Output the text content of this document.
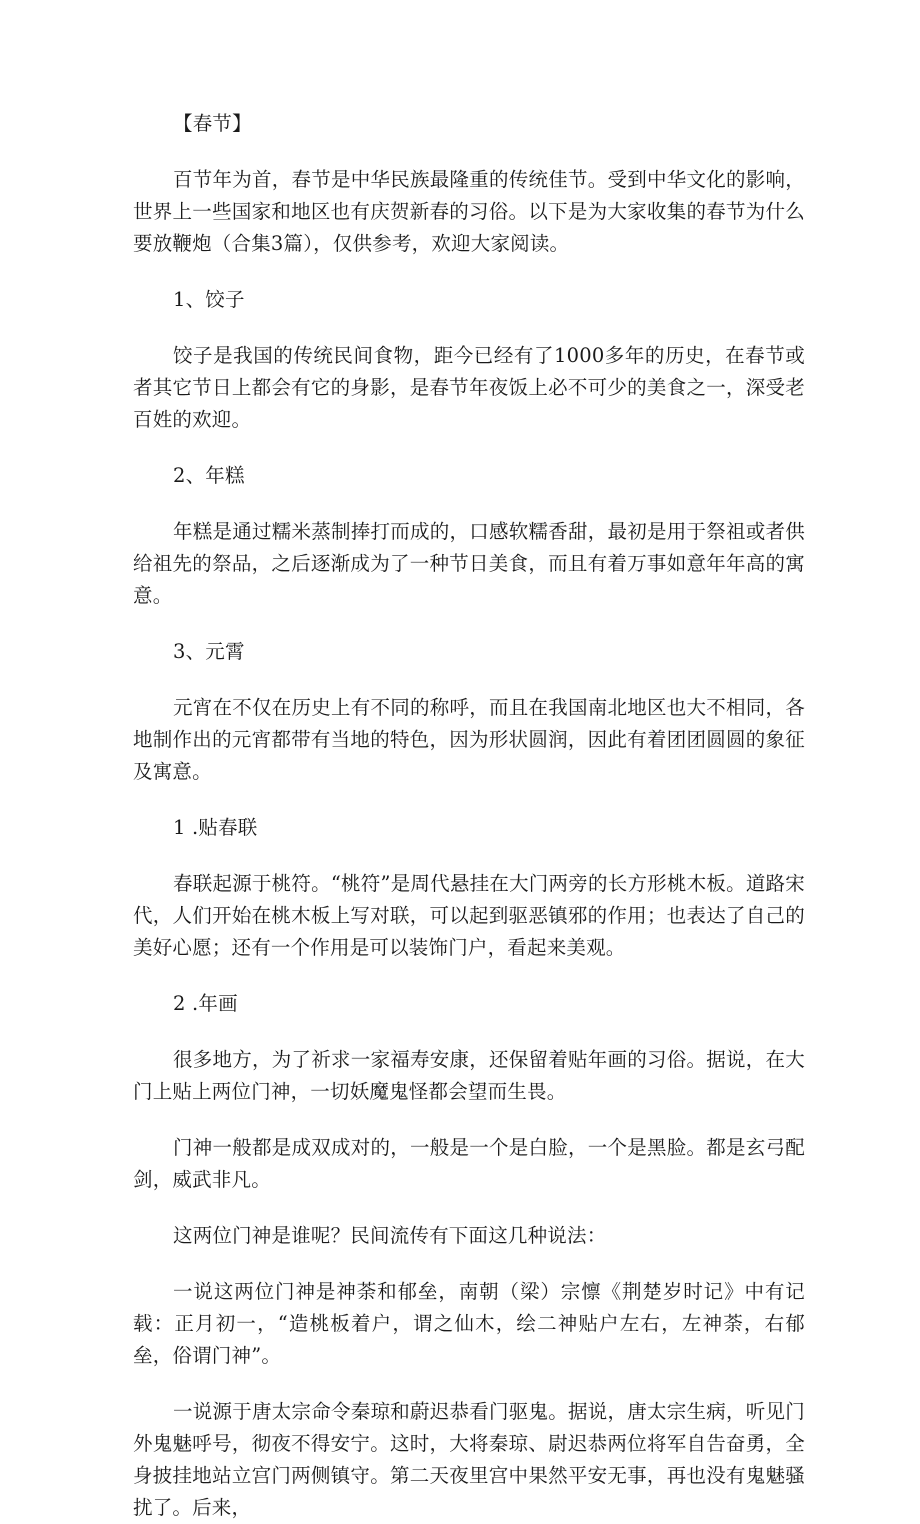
【春节】

百节年为首，春节是中华民族最隆重的传统佳节。受到中华文化的影响，世界上一些国家和地区也有庆贺新春的习俗。以下是为大家收集的春节为什么要放鞭炮（合集3篇），仅供参考，欢迎大家阅读。

1、饺子

饺子是我国的传统民间食物，距今已经有了1000多年的历史，在春节或者其它节日上都会有它的身影，是春节年夜饭上必不可少的美食之一，深受老百姓的欢迎。

2、年糕

年糕是通过糯米蒸制捧打而成的，口感软糯香甜，最初是用于祭祖或者供给祖先的祭品，之后逐渐成为了一种节日美食，而且有着万事如意年年高的寓意。

3、元霄

元宵在不仅在历史上有不同的称呼，而且在我国南北地区也大不相同，各地制作出的元宵都带有当地的特色，因为形状圆润，因此有着团团圆圆的象征及寓意。

1 .贴春联

春联起源于桃符。“桃符”是周代悬挂在大门两旁的长方形桃木板。道路宋代，人们开始在桃木板上写对联，可以起到驱恶镇邪的作用；也表达了自己的美好心愿；还有一个作用是可以装饰门户，看起来美观。

2 .年画

很多地方，为了祈求一家福寿安康，还保留着贴年画的习俗。据说，在大门上贴上两位门神，一切妖魔鬼怪都会望而生畏。

门神一般都是成双成对的，一般是一个是白脸，一个是黑脸。都是玄弓配剑，威武非凡。

这两位门神是谁呢？民间流传有下面这几种说法：

一说这两位门神是神荼和郁垒，南朝（梁）宗懔《荆楚岁时记》中有记载：正月初一，“造桃板着户，谓之仙木，绘二神贴户左右，左神荼，右郁垒，俗谓门神”。

一说源于唐太宗命令秦琼和蔚迟恭看门驱鬼。据说，唐太宗生病，听见门外鬼魅呼号，彻夜不得安宁。这时，大将秦琼、尉迟恭两位将军自告奋勇，全身披挂地站立宫门两侧镇守。第二天夜里宫中果然平安无事，再也没有鬼魅骚扰了。后来，
